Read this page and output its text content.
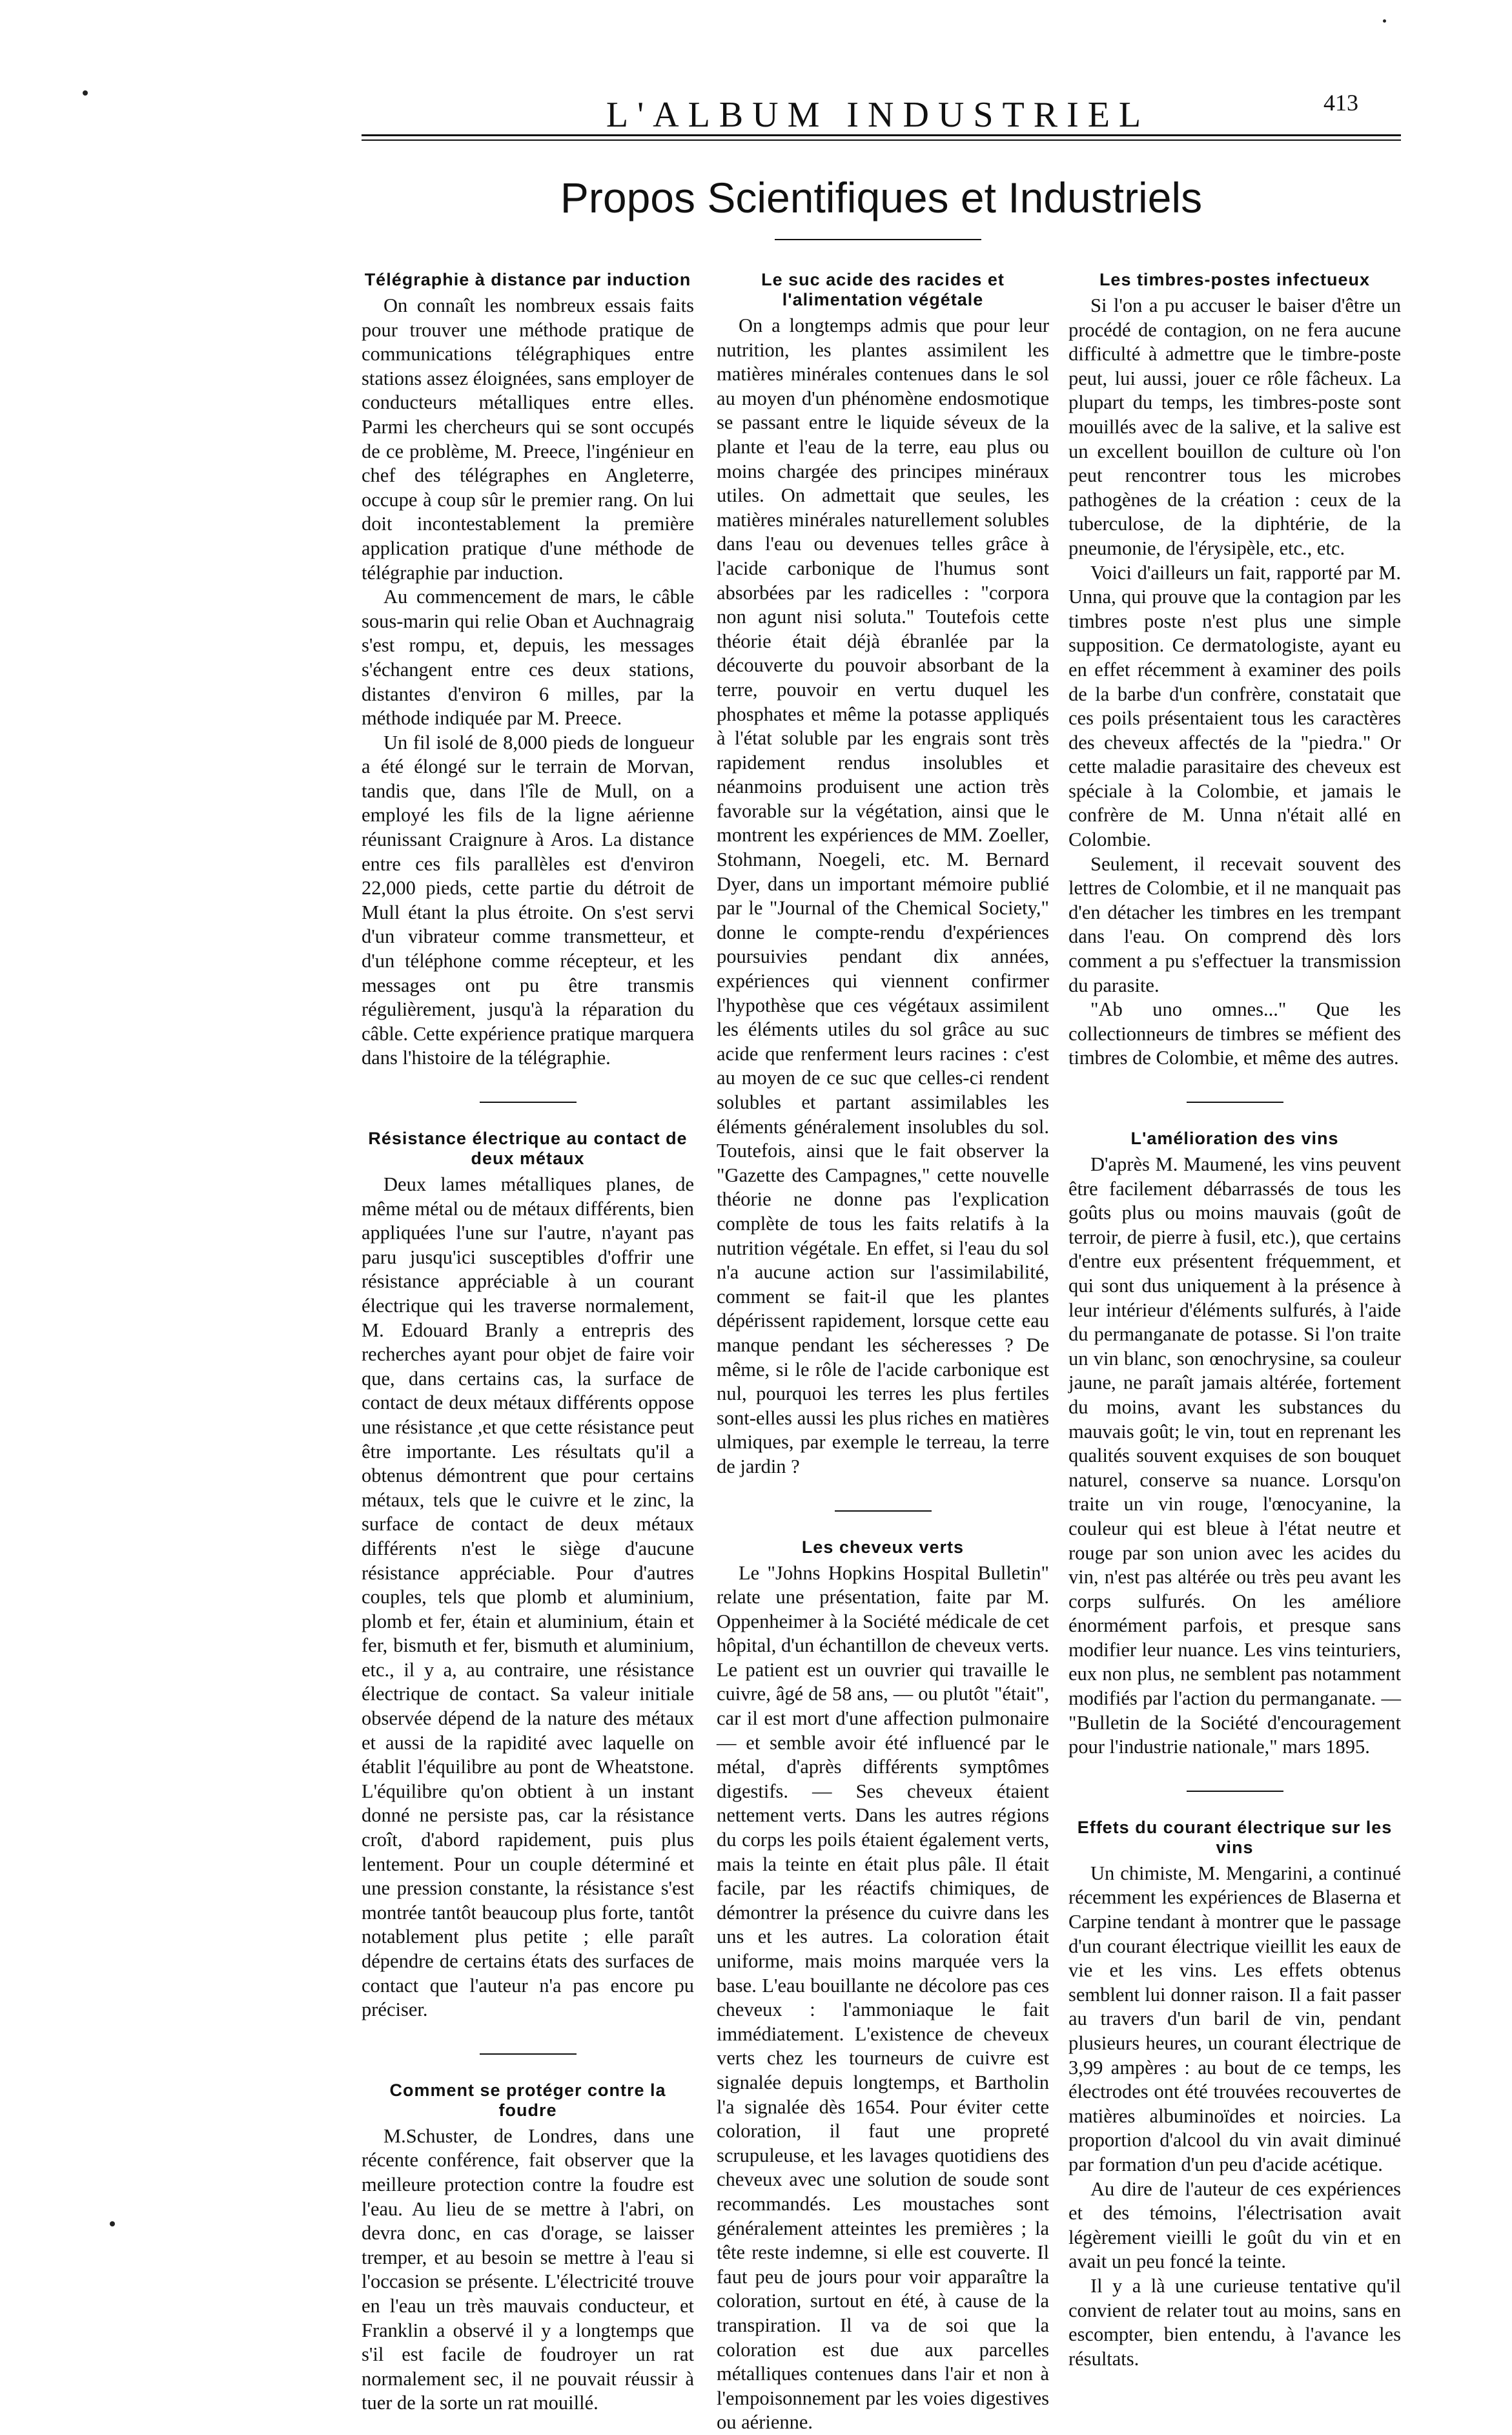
L'ALBUM INDUSTRIEL	413
Propos Scientifiques et Industriels
Télégraphie à distance par induction

On connaît les nombreux essais faits pour trouver une méthode pratique de communications télégraphiques entre stations assez éloignées, sans employer de conducteurs métalliques entre elles. Parmi les chercheurs qui se sont occupés de ce problème, M. Preece, l'ingénieur en chef des télégraphes en Angleterre, occupe à coup sûr le premier rang. On lui doit incontestablement la première application pratique d'une méthode de télégraphie par induction.

Au commencement de mars, le câble sous-marin qui relie Oban et Auchnagraig s'est rompu, et, depuis, les messages s'échangent entre ces deux stations, distantes d'environ 6 milles, par la méthode indiquée par M. Preece.

Un fil isolé de 8,000 pieds de longueur a été élongé sur le terrain de Morvan, tandis que, dans l'île de Mull, on a employé les fils de la ligne aérienne réunissant Craignure à Aros. La distance entre ces fils parallèles est d'environ 22,000 pieds, cette partie du détroit de Mull étant la plus étroite. On s'est servi d'un vibrateur comme transmetteur, et d'un téléphone comme récepteur, et les messages ont pu être transmis régulièrement, jusqu'à la réparation du câble. Cette expérience pratique marquera dans l'histoire de la télégraphie.

Résistance électrique au contact de deux métaux

Deux lames métalliques planes, de même métal ou de métaux différents, bien appliquées l'une sur l'autre, n'ayant pas paru jusqu'ici susceptibles d'offrir une résistance appréciable à un courant électrique qui les traverse normalement, M. Edouard Branly a entrepris des recherches ayant pour objet de faire voir que, dans certains cas, la surface de contact de deux métaux différents oppose une résistance ,et que cette résistance peut être importante. Les résultats qu'il a obtenus démontrent que pour certains métaux, tels que le cuivre et le zinc, la surface de contact de deux métaux différents n'est le siège d'aucune résistance appréciable. Pour d'autres couples, tels que plomb et aluminium, plomb et fer, étain et aluminium, étain et fer, bismuth et fer, bismuth et aluminium, etc., il y a, au contraire, une résistance électrique de contact. Sa valeur initiale observée dépend de la nature des métaux et aussi de la rapidité avec laquelle on établit l'équilibre au pont de Wheatstone. L'équilibre qu'on obtient à un instant donné ne persiste pas, car la résistance croît, d'abord rapidement, puis plus lentement. Pour un couple déterminé et une pression constante, la résistance s'est montrée tantôt beaucoup plus forte, tantôt notablement plus petite ; elle paraît dépendre de certains états des surfaces de contact que l'auteur n'a pas encore pu préciser.

Comment se protéger contre la foudre

M.Schuster, de Londres, dans une récente conférence, fait observer que la meilleure protection contre la foudre est l'eau. Au lieu de se mettre à l'abri, on devra donc, en cas d'orage, se laisser tremper, et au besoin se mettre à l'eau si l'occasion se présente. L'électricité trouve en l'eau un très mauvais conducteur, et Franklin a observé il y a longtemps que s'il est facile de foudroyer un rat normalement sec, il ne pouvait réussir à tuer de la sorte un rat mouillé.

Le suc acide des racides et l'alimentation végétale

On a longtemps admis que pour leur nutrition, les plantes assimilent les matières minérales contenues dans le sol au moyen d'un phénomène endosmotique se passant entre le liquide séveux de la plante et l'eau de la terre, eau plus ou moins chargée des principes minéraux utiles. On admettait que seules, les matières minérales naturellement solubles dans l'eau ou devenues telles grâce à l'acide carbonique de l'humus sont absorbées par les radicelles : "corpora non agunt nisi soluta." Toutefois cette théorie était déjà ébranlée par la découverte du pouvoir absorbant de la terre, pouvoir en vertu duquel les phosphates et même la potasse appliqués à l'état soluble par les engrais sont très rapidement rendus insolubles et néanmoins produisent une action très favorable sur la végétation, ainsi que le montrent les expériences de MM. Zoeller, Stohmann, Noegeli, etc. M. Bernard Dyer, dans un important mémoire publié par le "Journal of the Chemical Society," donne le compte-rendu d'expériences poursuivies pendant dix années, expériences qui viennent confirmer l'hypothèse que ces végétaux assimilent les éléments utiles du sol grâce au suc acide que renferment leurs racines : c'est au moyen de ce suc que celles-ci rendent solubles et partant assimilables les éléments généralement insolubles du sol. Toutefois, ainsi que le fait observer la "Gazette des Campagnes," cette nouvelle théorie ne donne pas l'explication complète de tous les faits relatifs à la nutrition végétale. En effet, si l'eau du sol n'a aucune action sur l'assimilabilité, comment se fait-il que les plantes dépérissent rapidement, lorsque cette eau manque pendant les sécheresses ? De même, si le rôle de l'acide carbonique est nul, pourquoi les terres les plus fertiles sont-elles aussi les plus riches en matières ulmiques, par exemple le terreau, la terre de jardin ?

Les cheveux verts

Le "Johns Hopkins Hospital Bulletin" relate une présentation, faite par M. Oppenheimer à la Société médicale de cet hôpital, d'un échantillon de cheveux verts. Le patient est un ouvrier qui travaille le cuivre, âgé de 58 ans, — ou plutôt "était", car il est mort d'une affection pulmonaire — et semble avoir été influencé par le métal, d'après différents symptômes digestifs. — Ses cheveux étaient nettement verts. Dans les autres régions du corps les poils étaient également verts, mais la teinte en était plus pâle. Il était facile, par les réactifs chimiques, de démontrer la présence du cuivre dans les uns et les autres. La coloration était uniforme, mais moins marquée vers la base. L'eau bouillante ne décolore pas ces cheveux : l'ammoniaque le fait immédiatement. L'existence de cheveux verts chez les tourneurs de cuivre est signalée depuis longtemps, et Bartholin l'a signalée dès 1654. Pour éviter cette coloration, il faut une propreté scrupuleuse, et les lavages quotidiens des cheveux avec une solution de soude sont recommandés. Les moustaches sont généralement atteintes les premières ; la tête reste indemne, si elle est couverte. Il faut peu de jours pour voir apparaître la coloration, surtout en été, à cause de la transpiration. Il va de soi que la coloration est due aux parcelles métalliques contenues dans l'air et non à l'empoisonnement par les voies digestives ou aérienne.

Les timbres-postes infectueux

Si l'on a pu accuser le baiser d'être un procédé de contagion, on ne fera aucune difficulté à admettre que le timbre-poste peut, lui aussi, jouer ce rôle fâcheux. La plupart du temps, les timbres-poste sont mouillés avec de la salive, et la salive est un excellent bouillon de culture où l'on peut rencontrer tous les microbes pathogènes de la création : ceux de la tuberculose, de la diphtérie, de la pneumonie, de l'érysipèle, etc., etc.

Voici d'ailleurs un fait, rapporté par M. Unna, qui prouve que la contagion par les timbres poste n'est plus une simple supposition. Ce dermatologiste, ayant eu en effet récemment à examiner des poils de la barbe d'un confrère, constatait que ces poils présentaient tous les caractères des cheveux affectés de la "piedra." Or cette maladie parasitaire des cheveux est spéciale à la Colombie, et jamais le confrère de M. Unna n'était allé en Colombie.

Seulement, il recevait souvent des lettres de Colombie, et il ne manquait pas d'en détacher les timbres en les trempant dans l'eau. On comprend dès lors comment a pu s'effectuer la transmission du parasite.

"Ab uno omnes..." Que les collectionneurs de timbres se méfient des timbres de Colombie, et même des autres.

L'amélioration des vins

D'après M. Maumené, les vins peuvent être facilement débarrassés de tous les goûts plus ou moins mauvais (goût de terroir, de pierre à fusil, etc.), que certains d'entre eux présentent fréquemment, et qui sont dus uniquement à la présence à leur intérieur d'éléments sulfurés, à l'aide du permanganate de potasse. Si l'on traite un vin blanc, son œnochrysine, sa couleur jaune, ne paraît jamais altérée, fortement du moins, avant les substances du mauvais goût; le vin, tout en reprenant les qualités souvent exquises de son bouquet naturel, conserve sa nuance. Lorsqu'on traite un vin rouge, l'œnocyanine, la couleur qui est bleue à l'état neutre et rouge par son union avec les acides du vin, n'est pas altérée ou très peu avant les corps sulfurés. On les améliore énormément parfois, et presque sans modifier leur nuance. Les vins teinturiers, eux non plus, ne semblent pas notamment modifiés par l'action du permanganate. — "Bulletin de la Société d'encouragement pour l'industrie nationale," mars 1895.

Effets du courant électrique sur les vins

Un chimiste, M. Mengarini, a continué récemment les expériences de Blaserna et Carpine tendant à montrer que le passage d'un courant électrique vieillit les eaux de vie et les vins. Les effets obtenus semblent lui donner raison. Il a fait passer au travers d'un baril de vin, pendant plusieurs heures, un courant électrique de 3,99 ampères : au bout de ce temps, les électrodes ont été trouvées recouvertes de matières albuminoïdes et noircies. La proportion d'alcool du vin avait diminué par formation d'un peu d'acide acétique.

Au dire de l'auteur de ces expériences et des témoins, l'électrisation avait légèrement vieilli le goût du vin et en avait un peu foncé la teinte.

Il y a là une curieuse tentative qu'il convient de relater tout au moins, sans en escompter, bien entendu, à l'avance les résultats.
